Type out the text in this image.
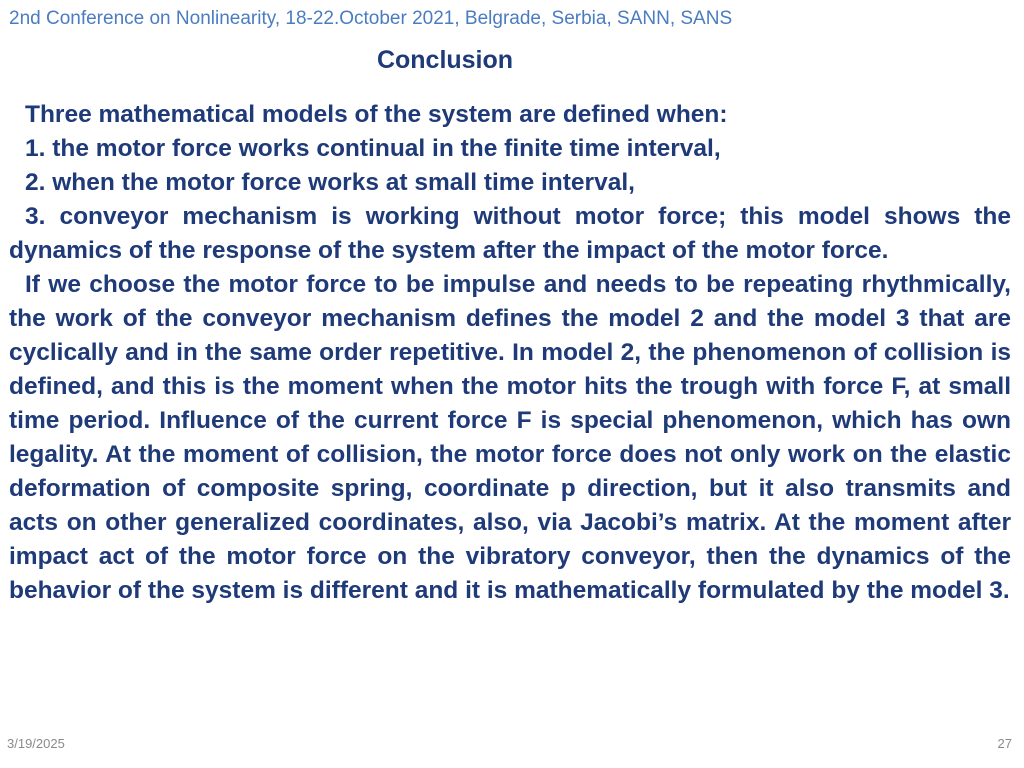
2nd Conference on Nonlinearity, 18-22.October 2021, Belgrade, Serbia, SANN, SANS
Conclusion

Three mathematical models of the system are defined when:

1. the motor force works continual in the finite time interval,

2. when the motor force works at small time interval,

3. conveyor mechanism is working without motor force; this model shows the dynamics of the response of the system after the impact of the motor force.

If we choose the motor force to be impulse and needs to be repeating rhythmically, the work of the conveyor mechanism defines the model 2 and the model 3 that are cyclically and in the same order repetitive. In model 2, the phenomenon of collision is defined, and this is the moment when the motor hits the trough with force F, at small time period. Influence of the current force F is special phenomenon, which has own legality. At the moment of collision, the motor force does not only work on the elastic deformation of composite spring, coordinate p direction, but it also transmits and acts on other generalized coordinates, also, via Jacobi’s matrix. At the moment after impact act of the motor force on the vibratory conveyor, then the dynamics of the behavior of the system is different and it is mathematically formulated by the model 3.

3/19/2025	27
